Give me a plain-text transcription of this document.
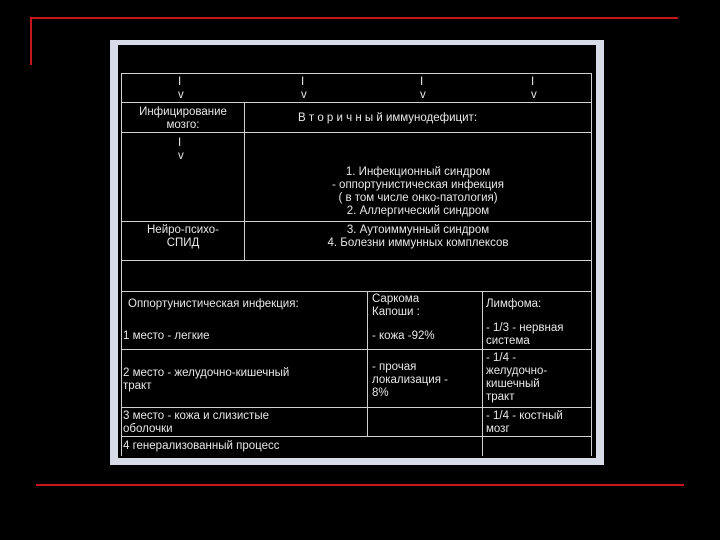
I
v
I
v
I
v
I
v
Инфицирование
мозго:
В т о р и ч н ы й иммунодефицит:
I
v
1. Инфекционный синдром
- оппортунистическая инфекция
( в том числе онко-патология)
2. Аллергический синдром
Нейро-психо-
СПИД
3. Аутоиммунный синдром
4. Болезни иммунных комплексов
Оппортунистическая инфекция:	Саркома
Капоши :
Лимфома:
1 место - легкие	- кожа -92%
- 1/3 - нервная
система
2 место - желудочно-кишечный
тракт
- прочая
локализация -
8%
- 1/4 -
желудочно-
кишечный
тракт
3 место - кожа и слизистые
оболочки
- 1/4 - костный
мозг
4 генерализованный процесс
